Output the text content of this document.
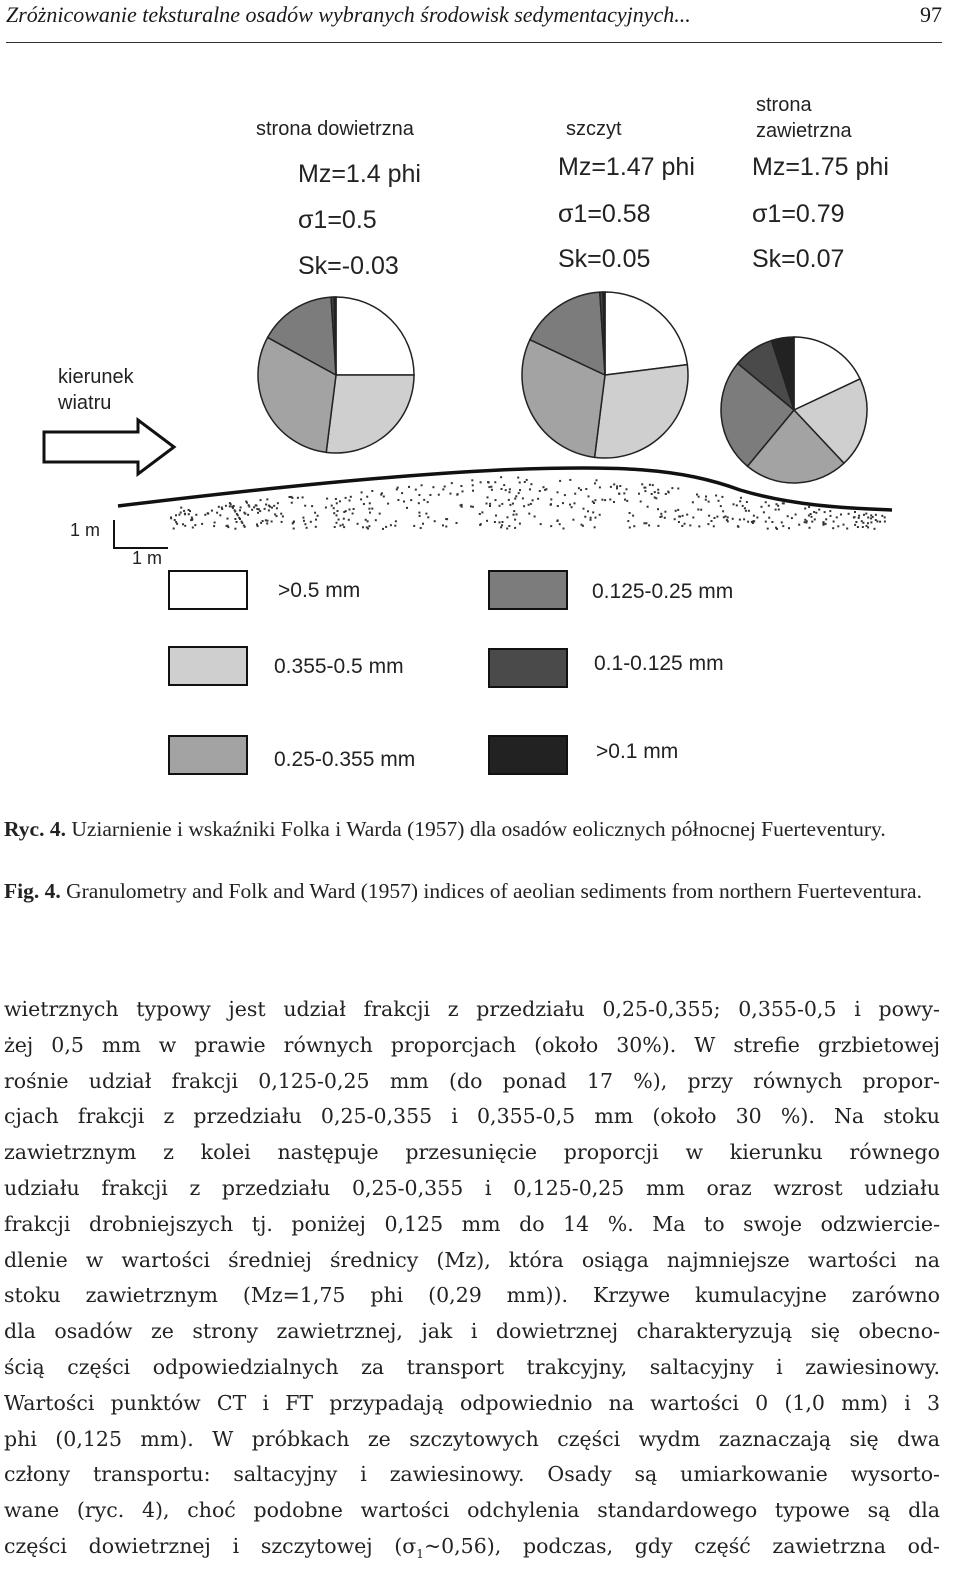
Zróżnicowanie teksturalne osadów wybranych środowisk sedymentacyjnych...	97
strona dowietrzna
Mz=1.4 phi
σ1=0.5
Sk=-0.03
szczyt
Mz=1.47 phi
σ1=0.58
Sk=0.05
strona
zawietrzna
Mz=1.75 phi
σ1=0.79
Sk=0.07
kierunek
wiatru
1 m
1 m
>0.5 mm
0.355-0.5 mm
0.25-0.355 mm
0.125-0.25 mm
0.1-0.125 mm
>0.1 mm
Ryc. 4. Uziarnienie i wskaźniki Folka i Warda (1957) dla osadów eolicznych północnej Fuerteventury.
Fig. 4. Granulometry and Folk and Ward (1957) indices of aeolian sediments from northern Fuerteventura.
wietrznych typowy jest udział frakcji z przedziału 0,25-0,355; 0,355-0,5 i powy-
żej 0,5 mm w prawie równych proporcjach (około 30%). W strefie grzbietowej
rośnie udział frakcji 0,125-0,25 mm (do ponad 17 %), przy równych propor-
cjach frakcji z przedziału 0,25-0,355 i 0,355-0,5 mm (około 30 %). Na stoku
zawietrznym z kolei następuje przesunięcie proporcji w kierunku równego
udziału frakcji z przedziału 0,25-0,355 i 0,125-0,25 mm oraz wzrost udziału
frakcji drobniejszych tj. poniżej 0,125 mm do 14 %. Ma to swoje odzwiercie-
dlenie w wartości średniej średnicy (Mz), która osiąga najmniejsze wartości na
stoku zawietrznym (Mz=1,75 phi (0,29 mm)). Krzywe kumulacyjne zarówno
dla osadów ze strony zawietrznej, jak i dowietrznej charakteryzują się obecno-
ścią części odpowiedzialnych za transport trakcyjny, saltacyjny i zawiesinowy.
Wartości punktów CT i FT przypadają odpowiednio na wartości 0 (1,0 mm) i 3
phi (0,125 mm). W próbkach ze szczytowych części wydm zaznaczają się dwa
człony transportu: saltacyjny i zawiesinowy. Osady są umiarkowanie wysorto-
wane (ryc. 4), choć podobne wartości odchylenia standardowego typowe są dla
części dowietrznej i szczytowej $(\sigma_1\sim 0,56)$, podczas, gdy część zawietrzna od-
